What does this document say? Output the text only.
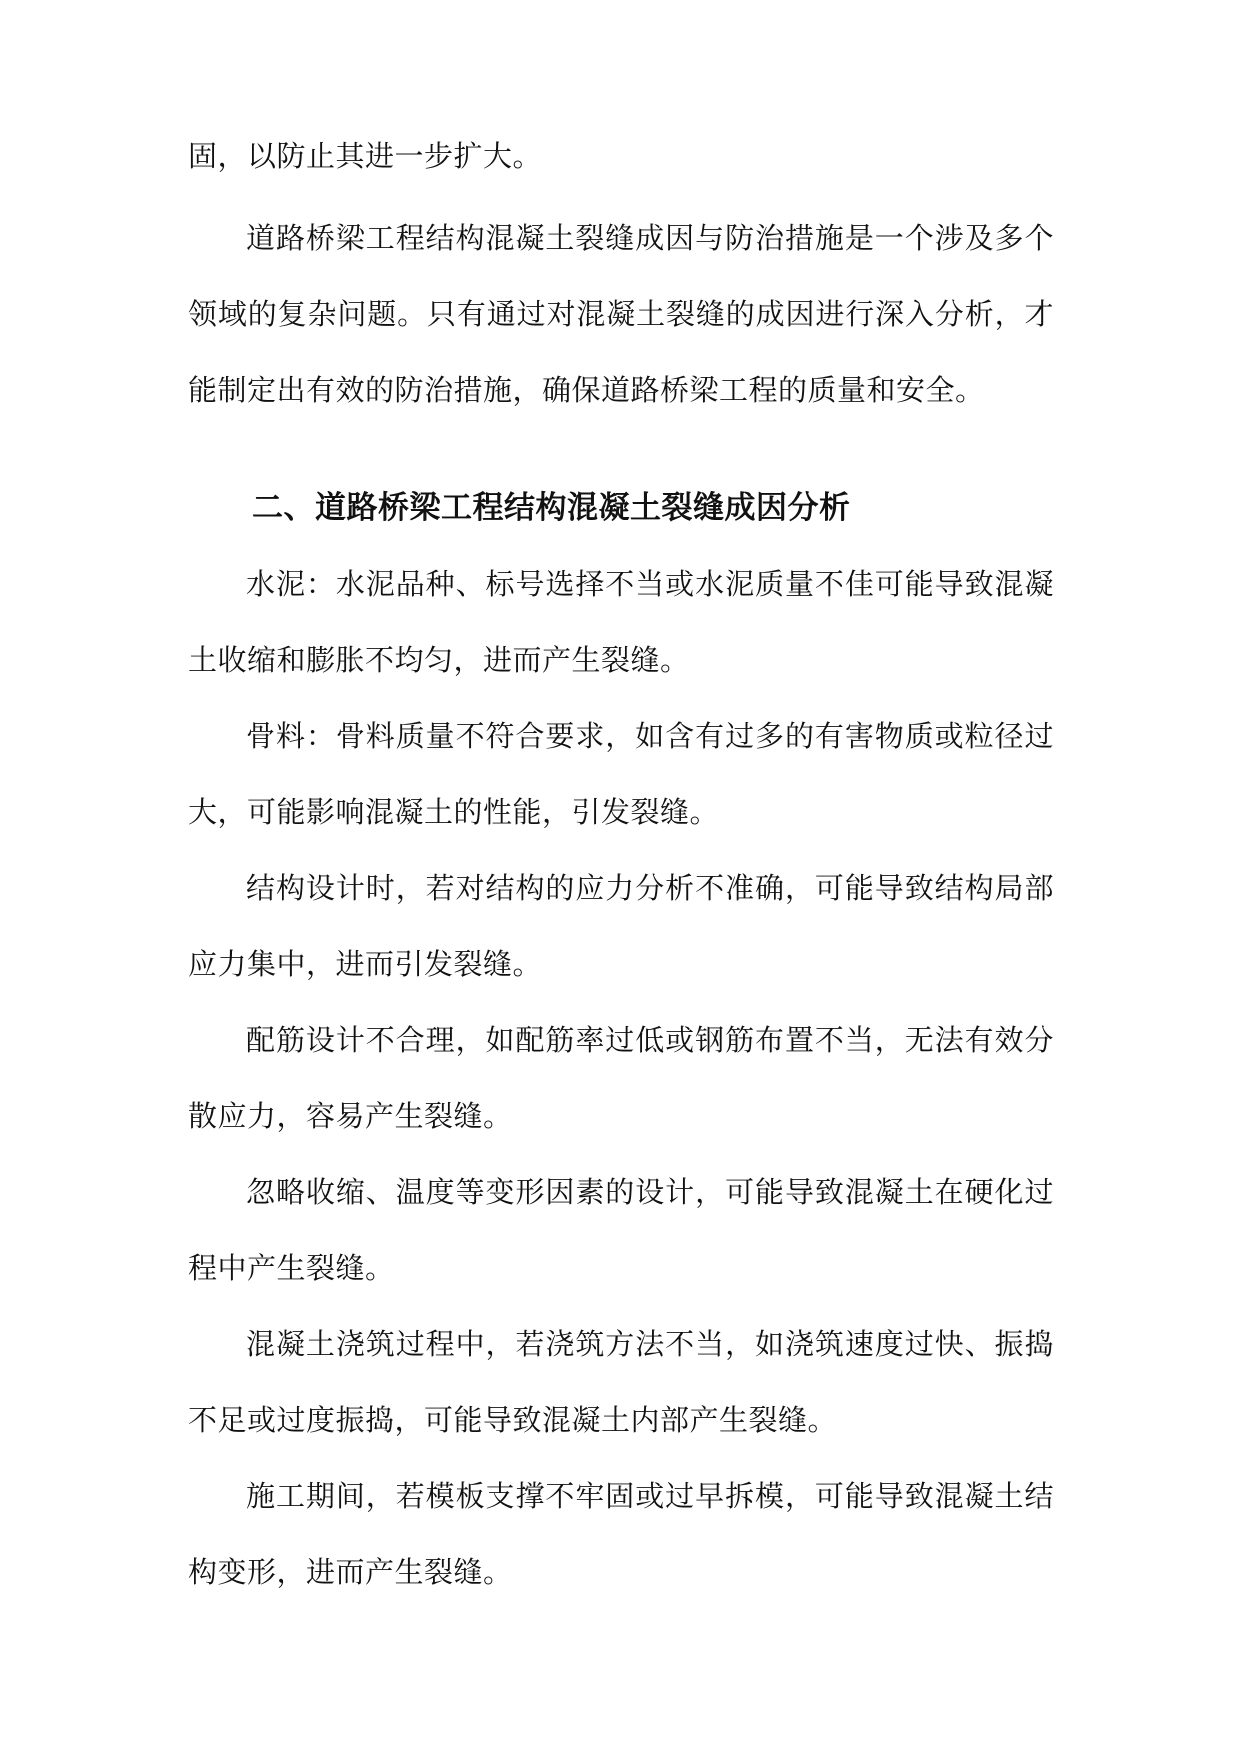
固，以防止其进一步扩大。

道路桥梁工程结构混凝土裂缝成因与防治措施是一个涉及多个领域的复杂问题。只有通过对混凝土裂缝的成因进行深入分析，才能制定出有效的防治措施，确保道路桥梁工程的质量和安全。

二、道路桥梁工程结构混凝土裂缝成因分析

水泥：水泥品种、标号选择不当或水泥质量不佳可能导致混凝土收缩和膨胀不均匀，进而产生裂缝。

骨料：骨料质量不符合要求，如含有过多的有害物质或粒径过大，可能影响混凝土的性能，引发裂缝。

结构设计时，若对结构的应力分析不准确，可能导致结构局部应力集中，进而引发裂缝。

配筋设计不合理，如配筋率过低或钢筋布置不当，无法有效分散应力，容易产生裂缝。

忽略收缩、温度等变形因素的设计，可能导致混凝土在硬化过程中产生裂缝。

混凝土浇筑过程中，若浇筑方法不当，如浇筑速度过快、振捣不足或过度振捣，可能导致混凝土内部产生裂缝。

施工期间，若模板支撑不牢固或过早拆模，可能导致混凝土结构变形，进而产生裂缝。
